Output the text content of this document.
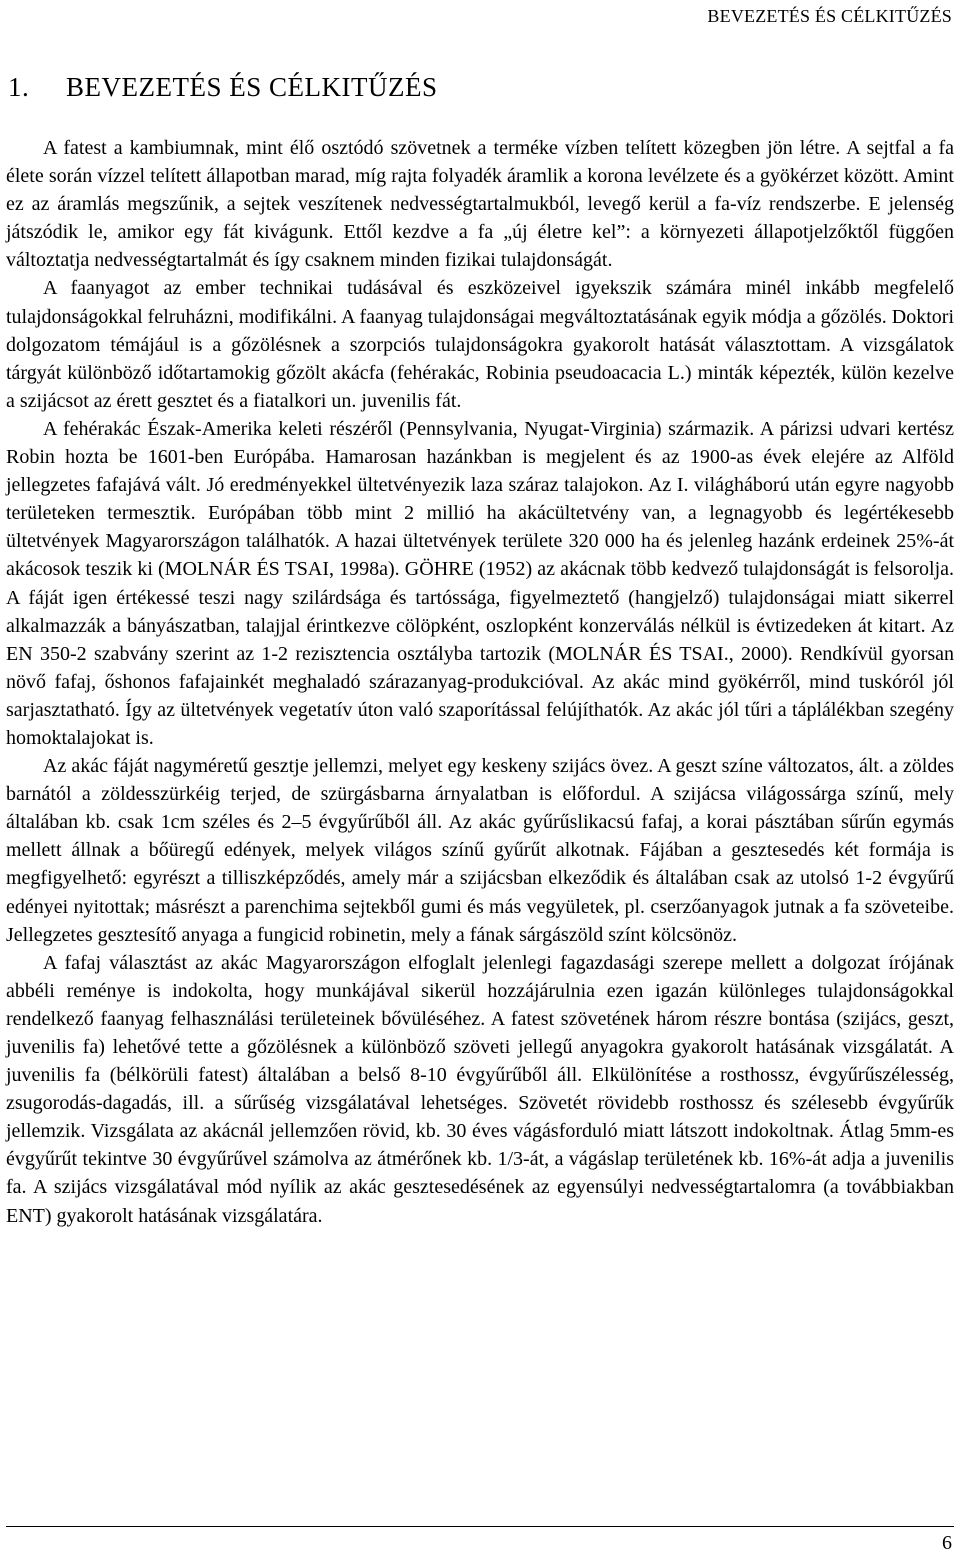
BEVEZETÉS ÉS CÉLKITŰZÉS
1. BEVEZETÉS ÉS CÉLKITŰZÉS

A fatest a kambiumnak, mint élő osztódó szövetnek a terméke vízben telített közegben jön létre. A sejtfal a fa élete során vízzel telített állapotban marad, míg rajta folyadék áramlik a korona levélzete és a gyökérzet között. Amint ez az áramlás megszűnik, a sejtek veszítenek nedvességtartalmukból, levegő kerül a fa-víz rendszerbe. E jelenség játszódik le, amikor egy fát kivágunk. Ettől kezdve a fa „új életre kel”: a környezeti állapotjelzőktől függően változtatja nedvességtartalmát és így csaknem minden fizikai tulajdonságát.

A faanyagot az ember technikai tudásával és eszközeivel igyekszik számára minél inkább megfelelő tulajdonságokkal felruházni, modifikálni. A faanyag tulajdonságai megváltoztatásának egyik módja a gőzölés. Doktori dolgozatom témájául is a gőzölésnek a szorpciós tulajdonságokra gyakorolt hatását választottam. A vizsgálatok tárgyát különböző időtartamokig gőzölt akácfa (fehérakác, Robinia pseudoacacia L.) minták képezték, külön kezelve a szijácsot az érett gesztet és a fiatalkori un. juvenilis fát.

A fehérakác Észak-Amerika keleti részéről (Pennsylvania, Nyugat-Virginia) származik. A párizsi udvari kertész Robin hozta be 1601-ben Európába. Hamarosan hazánkban is megjelent és az 1900-as évek elejére az Alföld jellegzetes fafajává vált. Jó eredményekkel ültetvényezik laza száraz talajokon. Az I. világháború után egyre nagyobb területeken termesztik. Európában több mint 2 millió ha akácültetvény van, a legnagyobb és legértékesebb ültetvények Magyarországon találhatók. A hazai ültetvények területe 320 000 ha és jelenleg hazánk erdeinek 25%-át akácosok teszik ki (MOLNÁR ÉS TSAI, 1998a). GÖHRE (1952) az akácnak több kedvező tulajdonságát is felsorolja. A fáját igen értékessé teszi nagy szilárdsága és tartóssága, figyelmeztető (hangjelző) tulajdonságai miatt sikerrel alkalmazzák a bányászatban, talajjal érintkezve cölöpként, oszlopként konzerválás nélkül is évtizedeken át kitart. Az EN 350-2 szabvány szerint az 1-2 rezisztencia osztályba tartozik (MOLNÁR ÉS TSAI., 2000). Rendkívül gyorsan növő fafaj, őshonos fafajainkét meghaladó szárazanyag-produkcióval. Az akác mind gyökérről, mind tuskóról jól sarjasztatható. Így az ültetvények vegetatív úton való szaporítással felújíthatók. Az akác jól tűri a táplálékban szegény homoktalajokat is.

Az akác fáját nagyméretű gesztje jellemzi, melyet egy keskeny szijács övez. A geszt színe változatos, ált. a zöldes barnától a zöldesszürkéig terjed, de szürgásbarna árnyalatban is előfordul. A szijácsa világossárga színű, mely általában kb. csak 1cm széles és 2–5 évgyűrűből áll. Az akác gyűrűslikacsú fafaj, a korai pásztában sűrűn egymás mellett állnak a bőüregű edények, melyek világos színű gyűrűt alkotnak. Fájában a gesztesedés két formája is megfigyelhető: egyrészt a tilliszképződés, amely már a szijácsban elkeződik és általában csak az utolsó 1-2 évgyűrű edényei nyitottak; másrészt a parenchima sejtekből gumi és más vegyületek, pl. cserzőanyagok jutnak a fa szöveteibe. Jellegzetes gesztesítő anyaga a fungicid robinetin, mely a fának sárgászöld színt kölcsönöz.

A fafaj választást az akác Magyarországon elfoglalt jelenlegi fagazdasági szerepe mellett a dolgozat írójának abbéli reménye is indokolta, hogy munkájával sikerül hozzájárulnia ezen igazán különleges tulajdonságokkal rendelkező faanyag felhasználási területeinek bővüléséhez. A fatest szövetének három részre bontása (szijács, geszt, juvenilis fa) lehetővé tette a gőzölésnek a különböző szöveti jellegű anyagokra gyakorolt hatásának vizsgálatát. A juvenilis fa (bélkörüli fatest) általában a belső 8-10 évgyűrűből áll. Elkülönítése a rosthossz, évgyűrűszélesség, zsugorodás-dagadás, ill. a sűrűség vizsgálatával lehetséges. Szövetét rövidebb rosthossz és szélesebb évgyűrűk jellemzik. Vizsgálata az akácnál jellemzően rövid, kb. 30 éves vágásforduló miatt látszott indokoltnak. Átlag 5mm-es évgyűrűt tekintve 30 évgyűrűvel számolva az átmérőnek kb. 1/3-át, a vágáslap területének kb. 16%-át adja a juvenilis fa. A szijács vizsgálatával mód nyílik az akác gesztesedésének az egyensúlyi nedvességtartalomra (a továbbiakban ENT) gyakorolt hatásának vizsgálatára.

6
